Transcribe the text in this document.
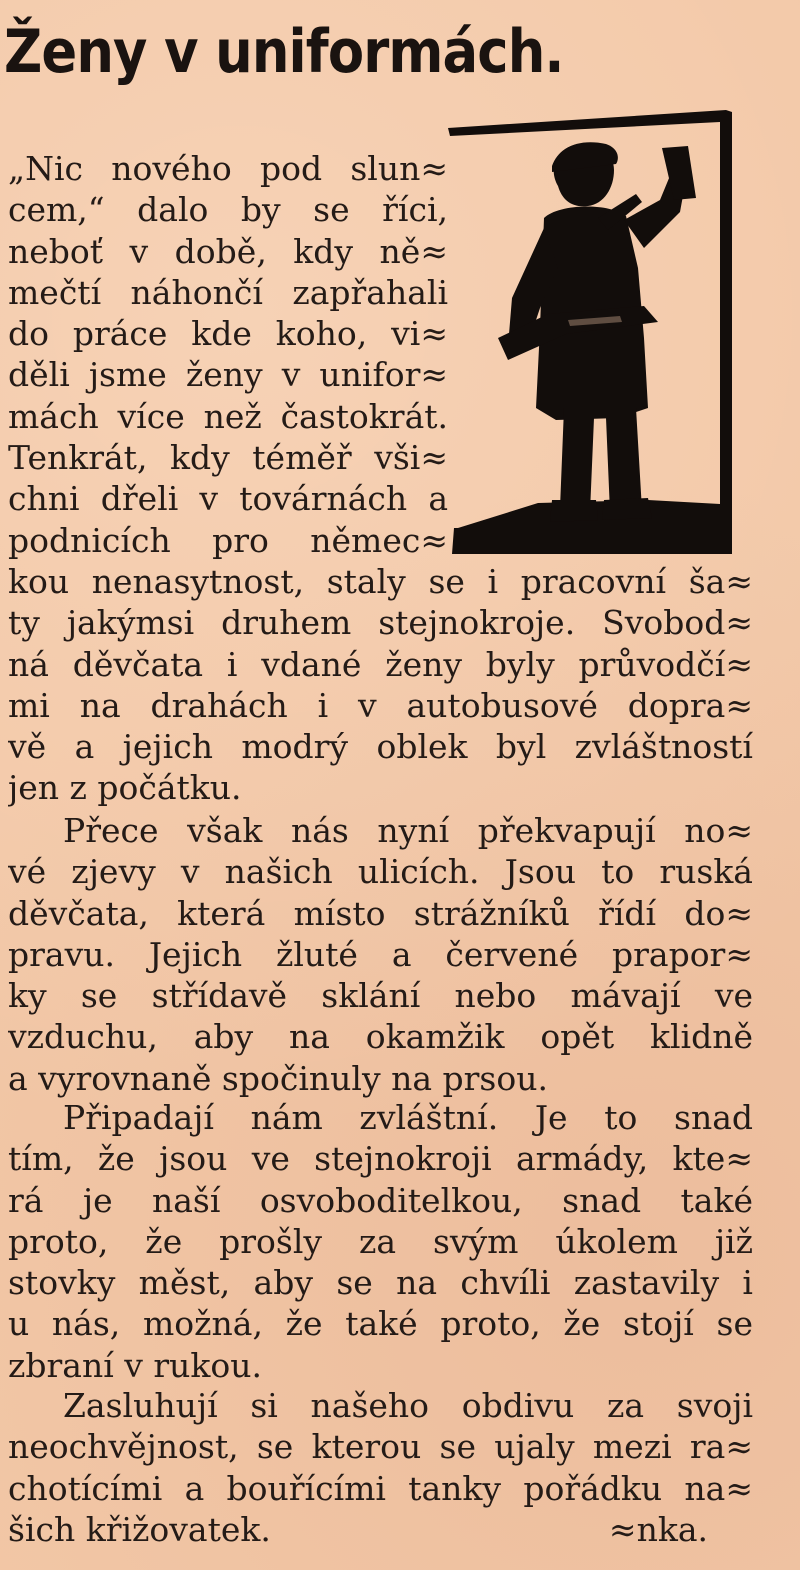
Ženy v uniformách.
„Nic nového pod slun≈
cem,“ dalo by se říci,
neboť v době, kdy ně≈
mečtí náhončí zapřahali
do práce kde koho, vi≈
děli jsme ženy v unifor≈
mách více než častokrát.
Tenkrát, kdy téměř vši≈
chni dřeli v továrnách a
podnicích pro němec≈
kou nenasytnost, staly se i pracovní ša≈
ty jakýmsi druhem stejnokroje. Svobod≈
ná děvčata i vdané ženy byly průvodčí≈
mi na drahách i v autobusové dopra≈
vě a jejich modrý oblek byl zvláštností
jen z počátku.
Přece však nás nyní překvapují no≈
vé zjevy v našich ulicích. Jsou to ruská
děvčata, která místo strážníků řídí do≈
pravu. Jejich žluté a červené prapor≈
ky se střídavě sklání nebo mávají ve
vzduchu, aby na okamžik opět klidně
a vyrovnaně spočinuly na prsou.
Připadají nám zvláštní. Je to snad
tím, že jsou ve stejnokroji armády, kte≈
rá je naší osvoboditelkou, snad také
proto, že prošly za svým úkolem již
stovky měst, aby se na chvíli zastavily i
u nás, možná, že také proto, že stojí se
zbraní v rukou.
Zasluhují si našeho obdivu za svoji
neochvějnost, se kterou se ujaly mezi ra≈
chotícími a bouřícími tanky pořádku na≈
šich křižovatek.	≈nka.
